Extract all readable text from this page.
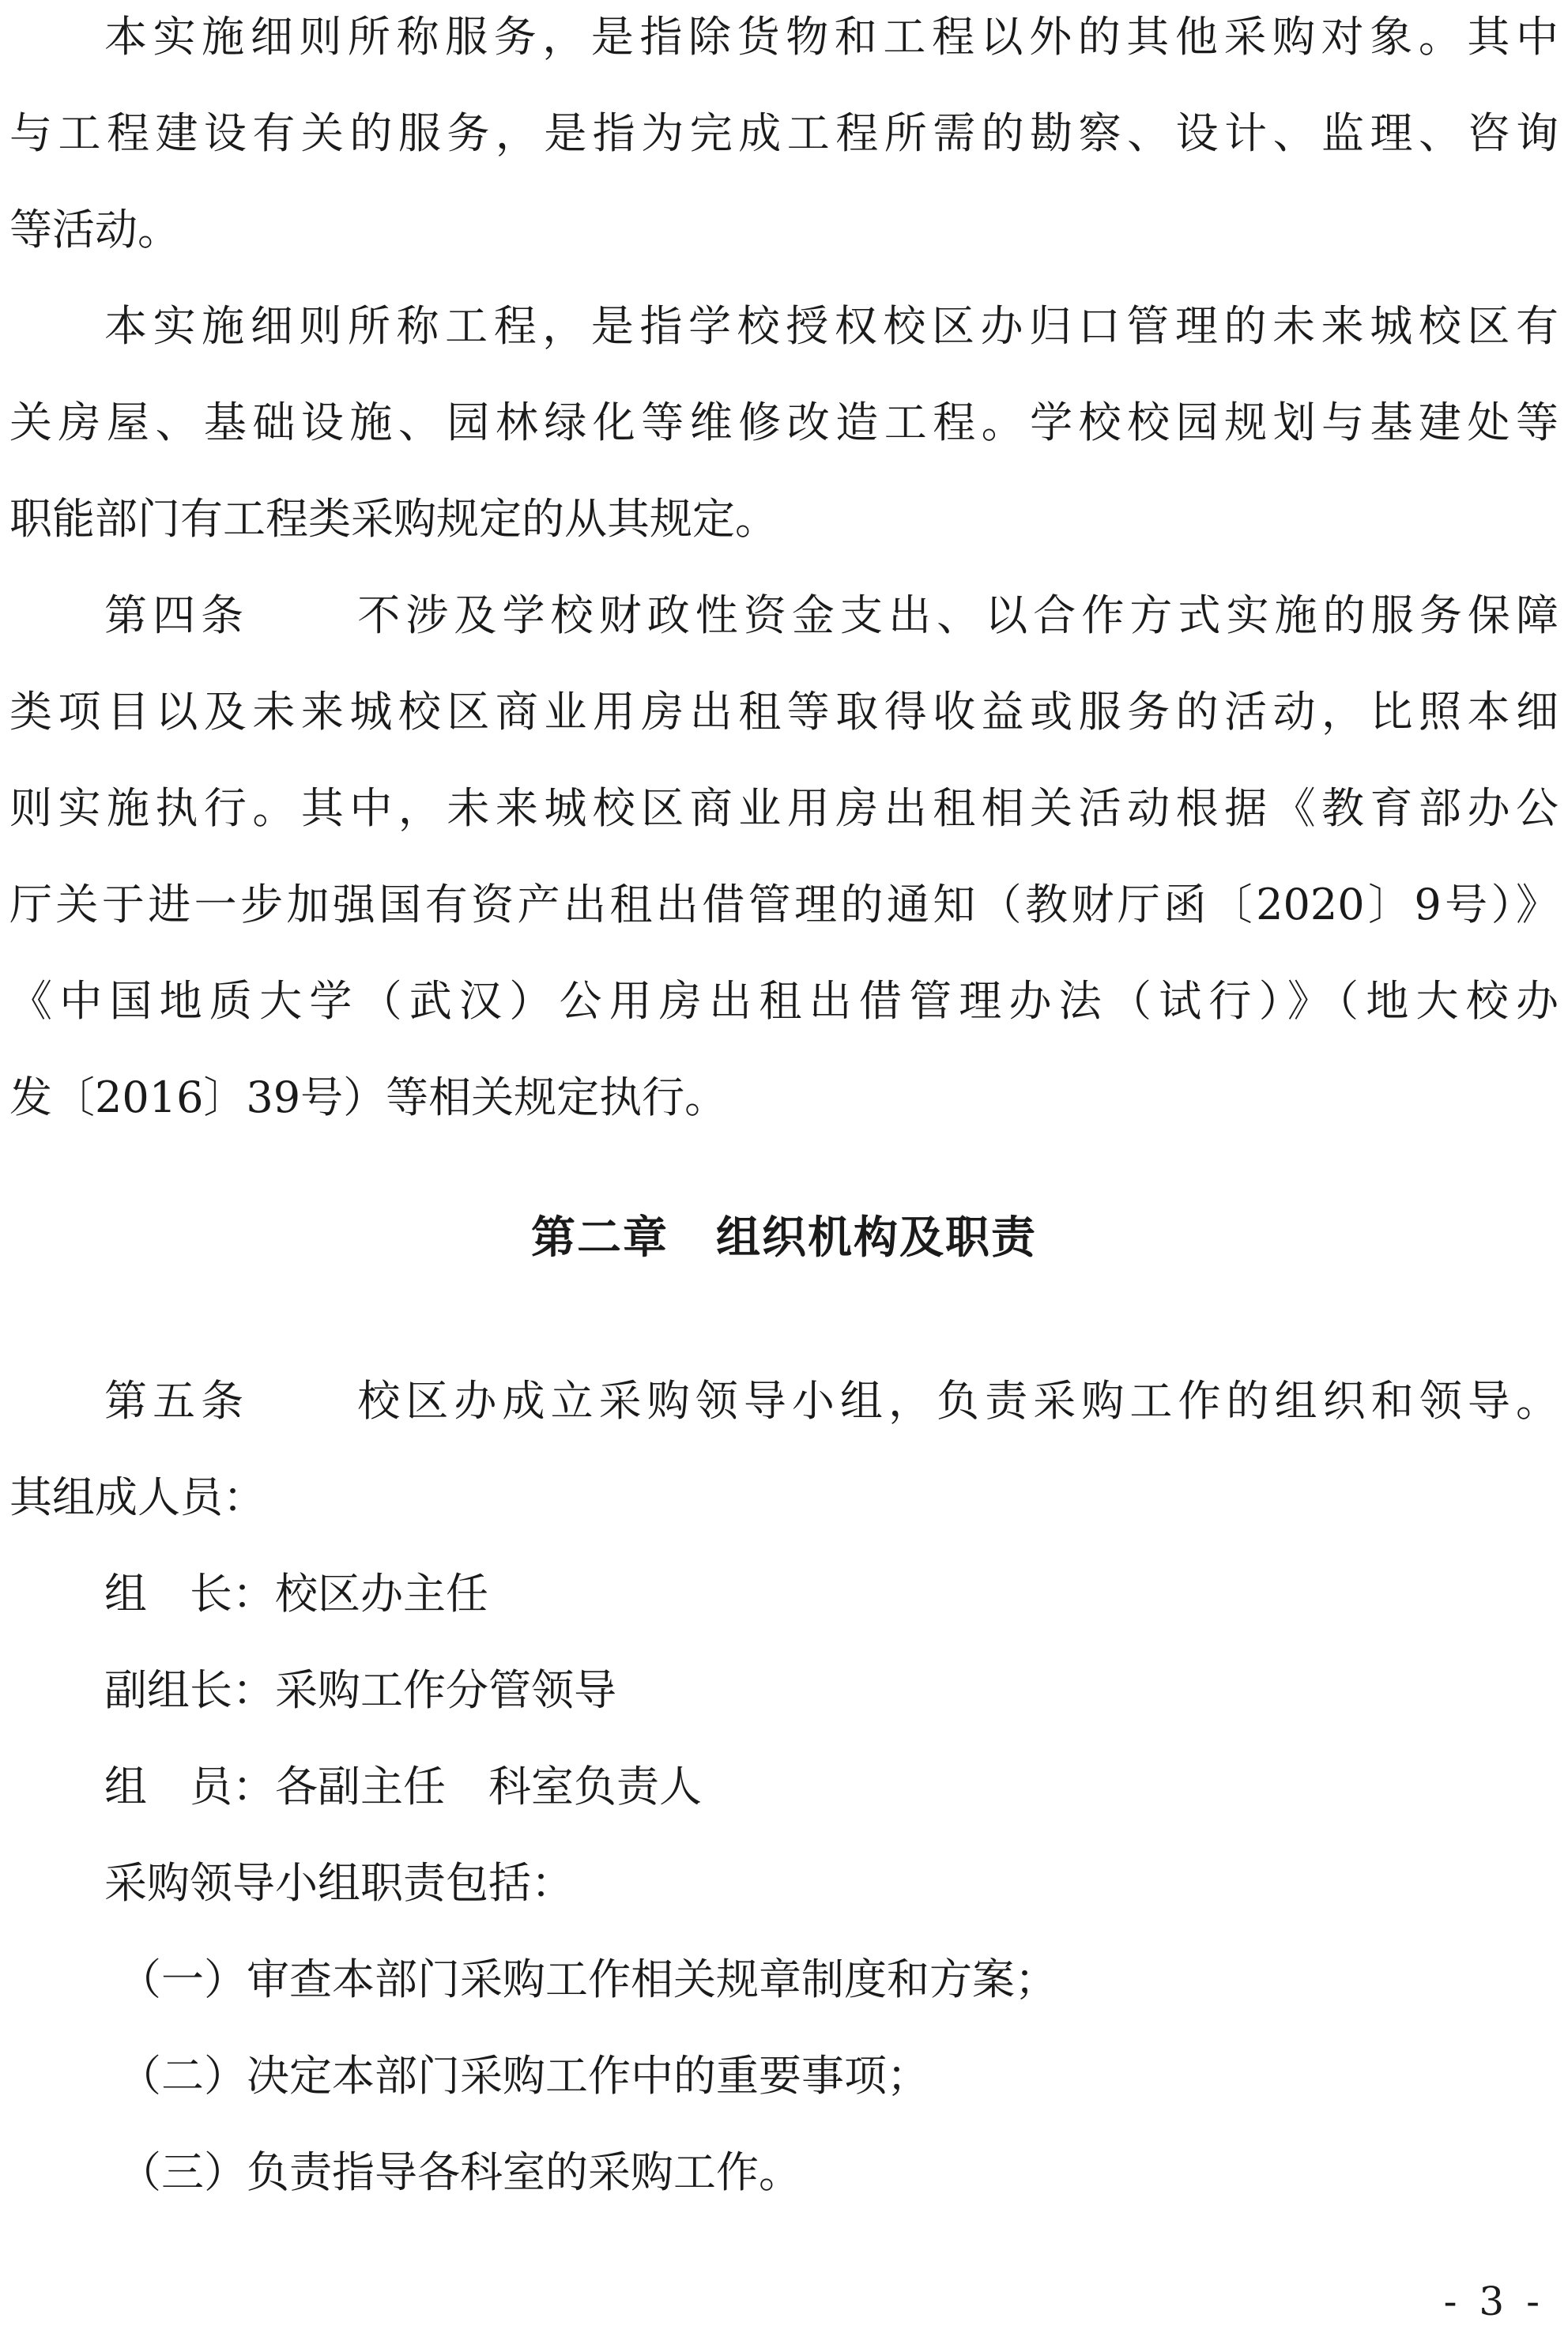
本实施细则所称服务，是指除货物和工程以外的其他采购对象。其中
与工程建设有关的服务，是指为完成工程所需的勘察、设计、监理、咨询
等活动。
本实施细则所称工程，是指学校授权校区办归口管理的未来城校区有
关房屋、基础设施、园林绿化等维修改造工程。学校校园规划与基建处等
职能部门有工程类采购规定的从其规定。
第四条 不涉及学校财政性资金支出、以合作方式实施的服务保障
类项目以及未来城校区商业用房出租等取得收益或服务的活动，比照本细
则实施执行。其中，未来城校区商业用房出租相关活动根据《教育部办公
厅关于进一步加强国有资产出租出借管理的通知（教财厅函〔2020〕9号）》
《中国地质大学（武汉）公用房出租出借管理办法（试行）》（地大校办
发〔2016〕39号）等相关规定执行。
第二章 组织机构及职责
第五条 校区办成立采购领导小组，负责采购工作的组织和领导。
其组成人员：
组　长：校区办主任
副组长：采购工作分管领导
组　员：各副主任　科室负责人
采购领导小组职责包括：
（一）审查本部门采购工作相关规章制度和方案；
（二）决定本部门采购工作中的重要事项；
（三）负责指导各科室的采购工作。
- 3 -
